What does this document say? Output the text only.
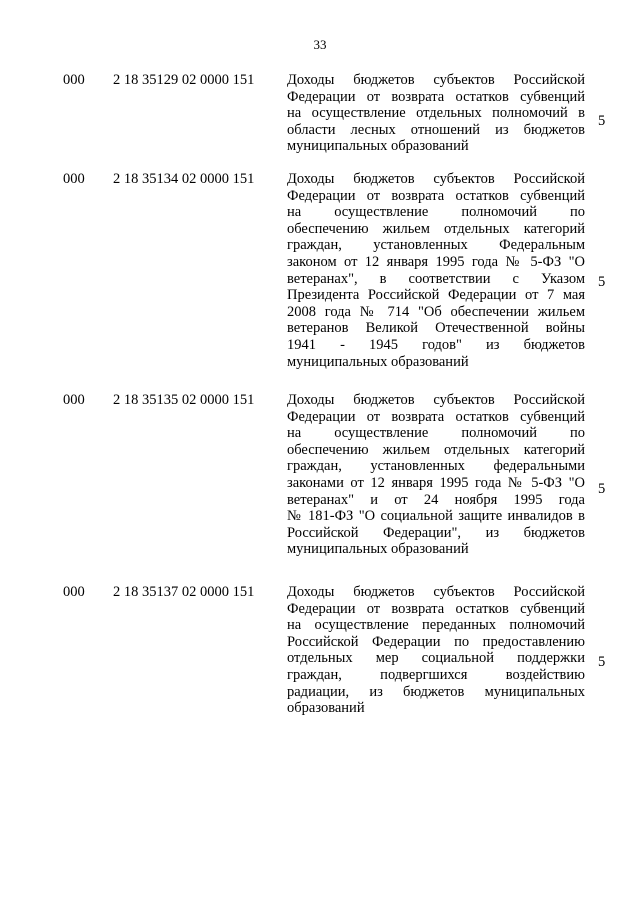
33
000 2 18 35129 02 0000 151 Доходы бюджетов субъектов Российской
Федерации от возврата остатков субвенций
на осуществление отдельных полномочий в
области лесных отношений из бюджетов
муниципальных образований
5
000 2 18 35134 02 0000 151 Доходы бюджетов субъектов Российской
Федерации от возврата остатков субвенций
на осуществление полномочий по
обеспечению жильем отдельных категорий
граждан, установленных Федеральным
законом от 12 января 1995 года № 5-ФЗ "О
ветеранах", в соответствии с Указом
Президента Российской Федерации от 7 мая
2008 года № 714 "Об обеспечении жильем
ветеранов Великой Отечественной войны
1941 - 1945 годов" из бюджетов
муниципальных образований
5
000 2 18 35135 02 0000 151 Доходы бюджетов субъектов Российской
Федерации от возврата остатков субвенций
на осуществление полномочий по
обеспечению жильем отдельных категорий
граждан, установленных федеральными
законами от 12 января 1995 года № 5-ФЗ "О
ветеранах" и от 24 ноября 1995 года
№ 181-ФЗ "О социальной защите инвалидов в
Российской Федерации", из бюджетов
муниципальных образований
5
000 2 18 35137 02 0000 151 Доходы бюджетов субъектов Российской
Федерации от возврата остатков субвенций
на осуществление переданных полномочий
Российской Федерации по предоставлению
отдельных мер социальной поддержки
граждан, подвергшихся воздействию
радиации, из бюджетов муниципальных
образований
5
